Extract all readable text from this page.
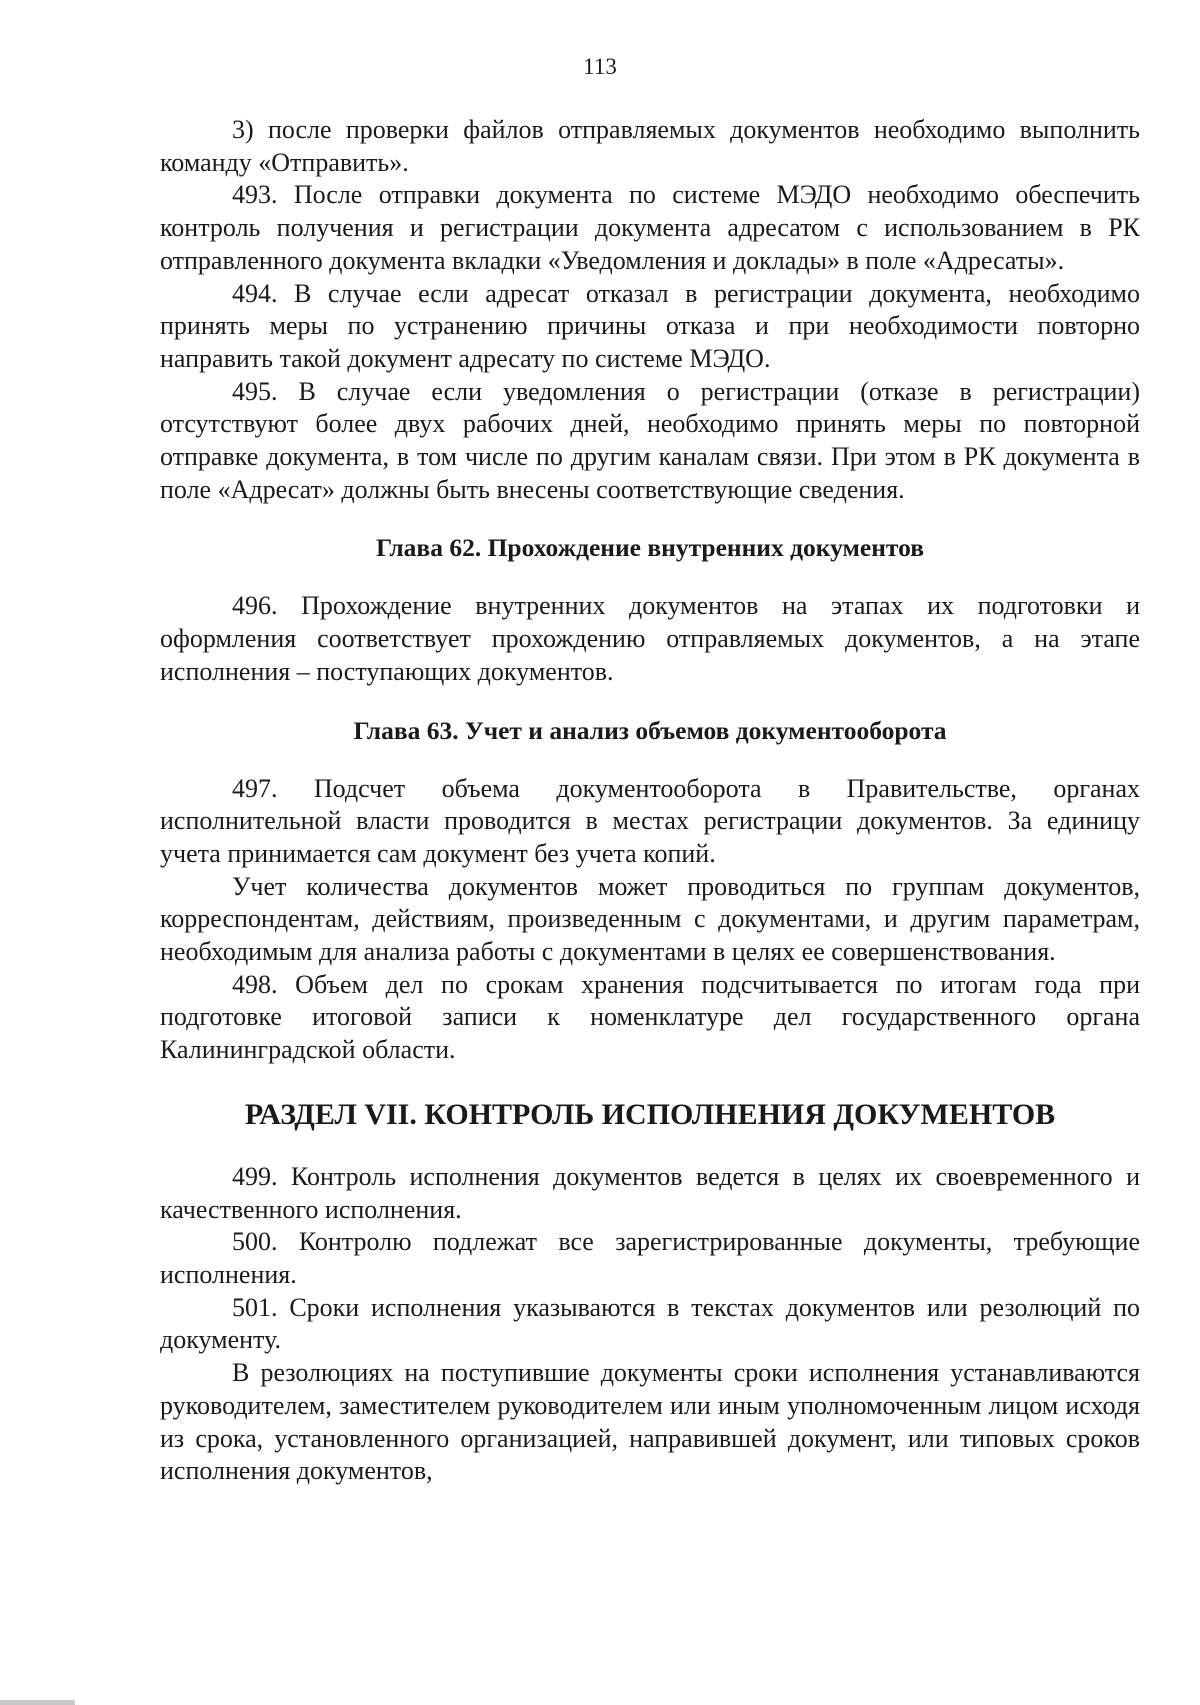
113

3) после проверки файлов отправляемых документов необходимо выполнить команду «Отправить».

493. После отправки документа по системе МЭДО необходимо обеспечить контроль получения и регистрации документа адресатом с использованием в РК отправленного документа вкладки «Уведомления и доклады» в поле «Адресаты».

494. В случае если адресат отказал в регистрации документа, необходимо принять меры по устранению причины отказа и при необходимости повторно направить такой документ адресату по системе МЭДО.

495. В случае если уведомления о регистрации (отказе в регистрации) отсутствуют более двух рабочих дней, необходимо принять меры по повторной отправке документа, в том числе по другим каналам связи. При этом в РК документа в поле «Адресат» должны быть внесены соответствующие сведения.

Глава 62. Прохождение внутренних документов

496. Прохождение внутренних документов на этапах их подготовки и оформления соответствует прохождению отправляемых документов, а на этапе исполнения – поступающих документов.

Глава 63. Учет и анализ объемов документооборота

497. Подсчет объема документооборота в Правительстве, органах исполнительной власти проводится в местах регистрации документов. За единицу учета принимается сам документ без учета копий.

Учет количества документов может проводиться по группам документов, корреспондентам, действиям, произведенным с документами, и другим параметрам, необходимым для анализа работы с документами в целях ее совершенствования.

498. Объем дел по срокам хранения подсчитывается по итогам года при подготовке итоговой записи к номенклатуре дел государственного органа Калининградской области.

РАЗДЕЛ VII. КОНТРОЛЬ ИСПОЛНЕНИЯ ДОКУМЕНТОВ

499. Контроль исполнения документов ведется в целях их своевременного и качественного исполнения.

500. Контролю подлежат все зарегистрированные документы, требующие исполнения.

501. Сроки исполнения указываются в текстах документов или резолюций по документу.

В резолюциях на поступившие документы сроки исполнения устанавливаются руководителем, заместителем руководителем или иным уполномоченным лицом исходя из срока, установленного организацией, направившей документ, или типовых сроков исполнения документов,
